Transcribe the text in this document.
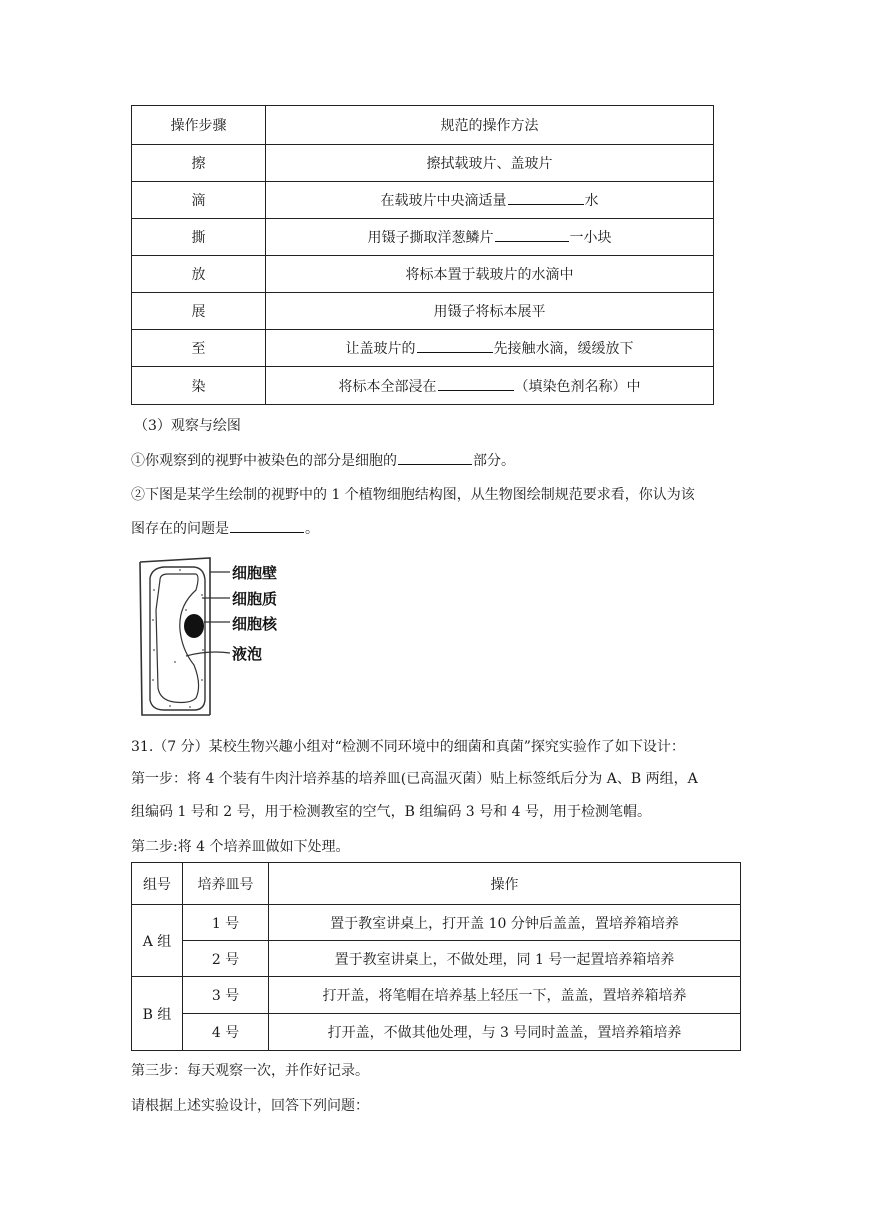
操作步骤	规范的操作方法
擦	擦拭载玻片、盖玻片
滴	在载玻片中央滴适量 水
撕	用镊子撕取洋葱鳞片 一小块
放	将标本置于载玻片的水滴中
展	用镊子将标本展平
至	让盖玻片的 先接触水滴，缓缓放下
染	将标本全部浸在 （填染色剂名称）中
（3）观察与绘图
①你观察到的视野中被染色的部分是细胞的	部分。
②下图是某学生绘制的视野中的 1 个植物细胞结构图，从生物图绘制规范要求看，你认为该
图存在的问题是	。
细胞壁
细胞质
细胞核
液泡
31.（7 分）某校生物兴趣小组对“检测不同环境中的细菌和真菌”探究实验作了如下设计：
第一步：将 4 个装有牛肉汁培养基的培养皿(已高温灭菌）贴上标签纸后分为 A、B 两组，A
组编码 1 号和 2 号，用于检测教室的空气，B 组编码 3 号和 4 号，用于检测笔帽。
第二步:将 4 个培养皿做如下处理。
组号	培养皿号	操作
A 组	1 号	置于教室讲桌上，打开盖 10 分钟后盖盖，置培养箱培养
	2 号	置于教室讲桌上，不做处理，同 1 号一起置培养箱培养
B 组	3 号	打开盖，将笔帽在培养基上轻压一下，盖盖，置培养箱培养
	4 号	打开盖，不做其他处理，与 3 号同时盖盖，置培养箱培养
第三步：每天观察一次，并作好记录。
请根据上述实验设计，回答下列问题：
